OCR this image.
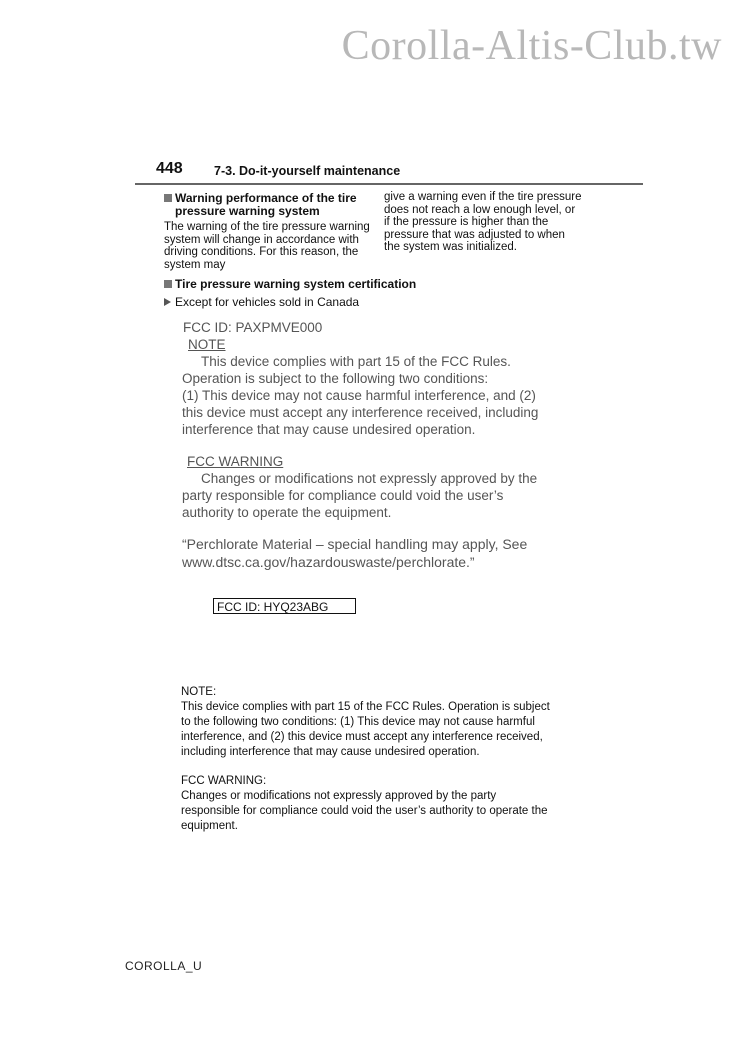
Corolla-Altis-Club.tw
448	7-3. Do-it-yourself maintenance
Warning performance of the tire
pressure warning system
The warning of the tire pressure warning system will change in accordance with driving conditions. For this reason, the system may
give a warning even if the tire pressure does not reach a low enough level, or if the pressure is higher than the pressure that was adjusted to when the system was initialized.
Tire pressure warning system certification
Except for vehicles sold in Canada
FCC ID: PAXPMVE000
NOTE

This device complies with part 15 of the FCC Rules.

Operation is subject to the following two conditions:

(1) This device may not cause harmful interference, and (2)

this device must accept any interference received, including

interference that may cause undesired operation.

FCC WARNING
Changes or modifications not expressly approved by the
party responsible for compliance could void the user’s
authority to operate the equipment.
“Perchlorate Material – special handling may apply, See
www.dtsc.ca.gov/hazardouswaste/perchlorate.”
FCC ID: HYQ23ABG
NOTE:
This device complies with part 15 of the FCC Rules. Operation is subject
to the following two conditions: (1) This device may not cause harmful
interference, and (2) this device must accept any interference received,
including interference that may cause undesired operation.
FCC WARNING:
Changes or modifications not expressly approved by the party
responsible for compliance could void the user’s authority to operate the
equipment.
COROLLA_U
